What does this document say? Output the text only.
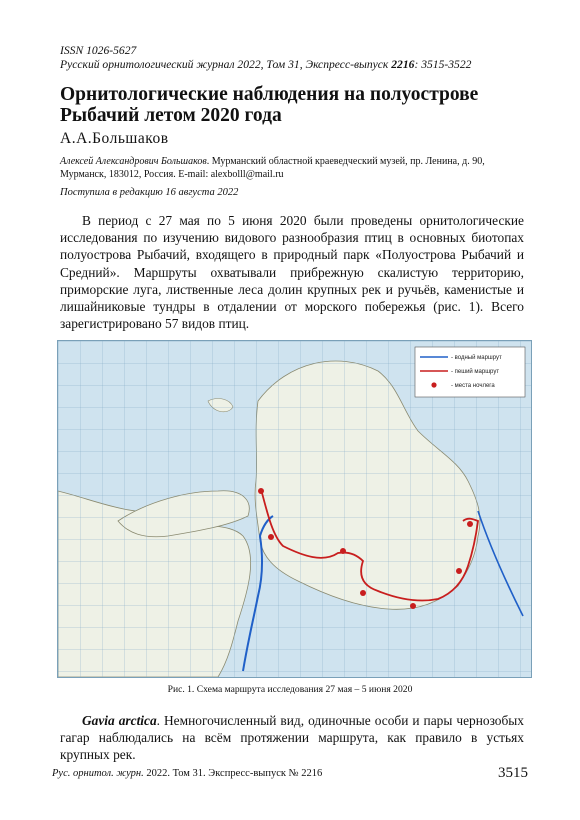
ISSN 1026-5627
Русский орнитологический журнал 2022, Том 31, Экспресс-выпуск 2216: 3515-3522
Орнитологические наблюдения на полуострове Рыбачий летом 2020 года
А.А.Большаков
Алексей Александрович Большаков. Мурманский областной краеведческий музей, пр. Ленина, д. 90, Мурманск, 183012, Россия. E-mail: alexbolll@mail.ru
Поступила в редакцию 16 августа 2022
В период с 27 мая по 5 июня 2020 были проведены орнитологические исследования по изучению видового разнообразия птиц в основных биотопах полуострова Рыбачий, входящего в природный парк «Полуострова Рыбачий и Средний». Маршруты охватывали прибрежную скалистую территорию, приморские луга, лиственные леса долин крупных рек и ручьёв, каменистые и лишайниковые тундры в отдалении от морского побережья (рис. 1). Всего зарегистрировано 57 видов птиц.
- водный маршрут
- пеший маршрут
- места ночлега
Рис. 1. Схема маршрута исследования 27 мая – 5 июня 2020
Gavia arctica. Немногочисленный вид, одиночные особи и пары чернозобых гагар наблюдались на всём протяжении маршрута, как правило в устьях крупных рек.
Рус. орнитол. журн. 2022. Том 31. Экспресс-выпуск № 2216	3515
